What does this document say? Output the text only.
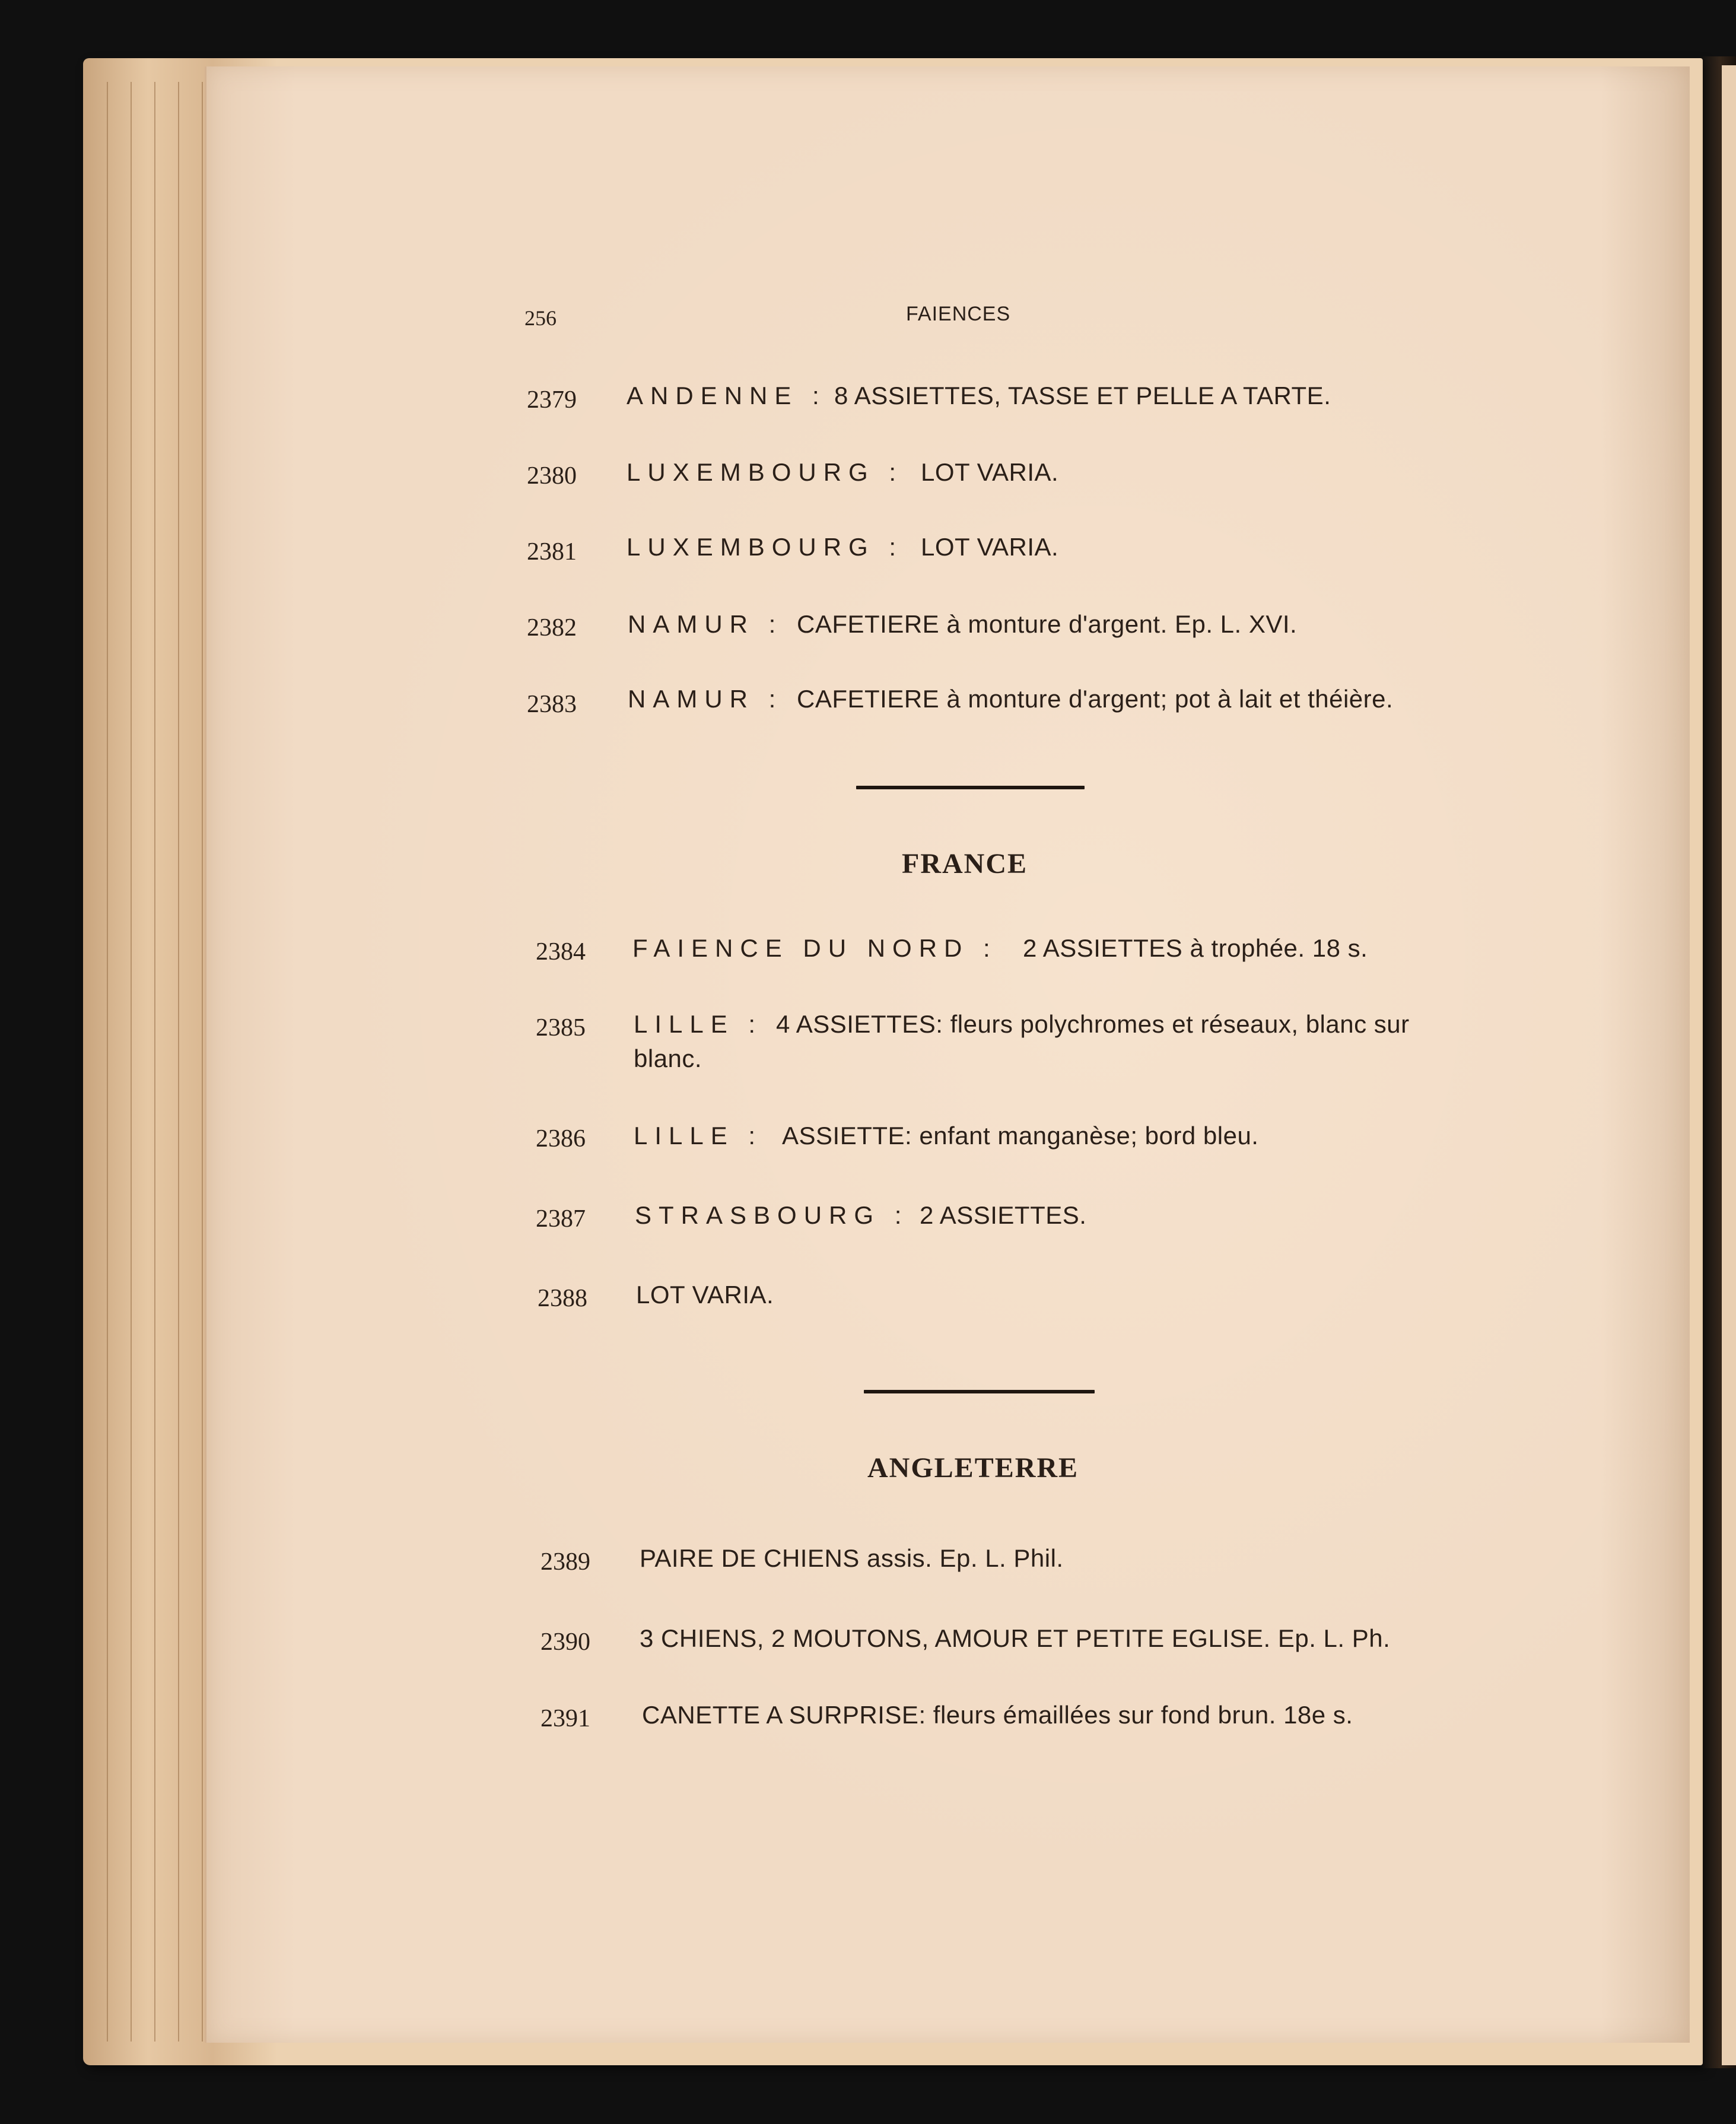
256	FAIENCES
2379 ANDENNE : 8 ASSIETTES, TASSE ET PELLE A TARTE.
2380 LUXEMBOURG : LOT VARIA.
2381 LUXEMBOURG : LOT VARIA.
2382 NAMUR : CAFETIERE à monture d'argent. Ep. L. XVI.
2383 NAMUR : CAFETIERE à monture d'argent; pot à lait et théière.
FRANCE
2384 FAIENCE DU NORD : 2 ASSIETTES à trophée. 18 s.
2385 LILLE : 4 ASSIETTES: fleurs polychromes et réseaux, blanc sur
blanc.
2386 LILLE : ASSIETTE: enfant manganèse; bord bleu.
2387 STRASBOURG : 2 ASSIETTES.
2388 LOT VARIA.
ANGLETERRE
2389 PAIRE DE CHIENS assis. Ep. L. Phil.
2390 3 CHIENS, 2 MOUTONS, AMOUR ET PETITE EGLISE. Ep. L. Ph.
2391 CANETTE A SURPRISE: fleurs émaillées sur fond brun. 18e s.
